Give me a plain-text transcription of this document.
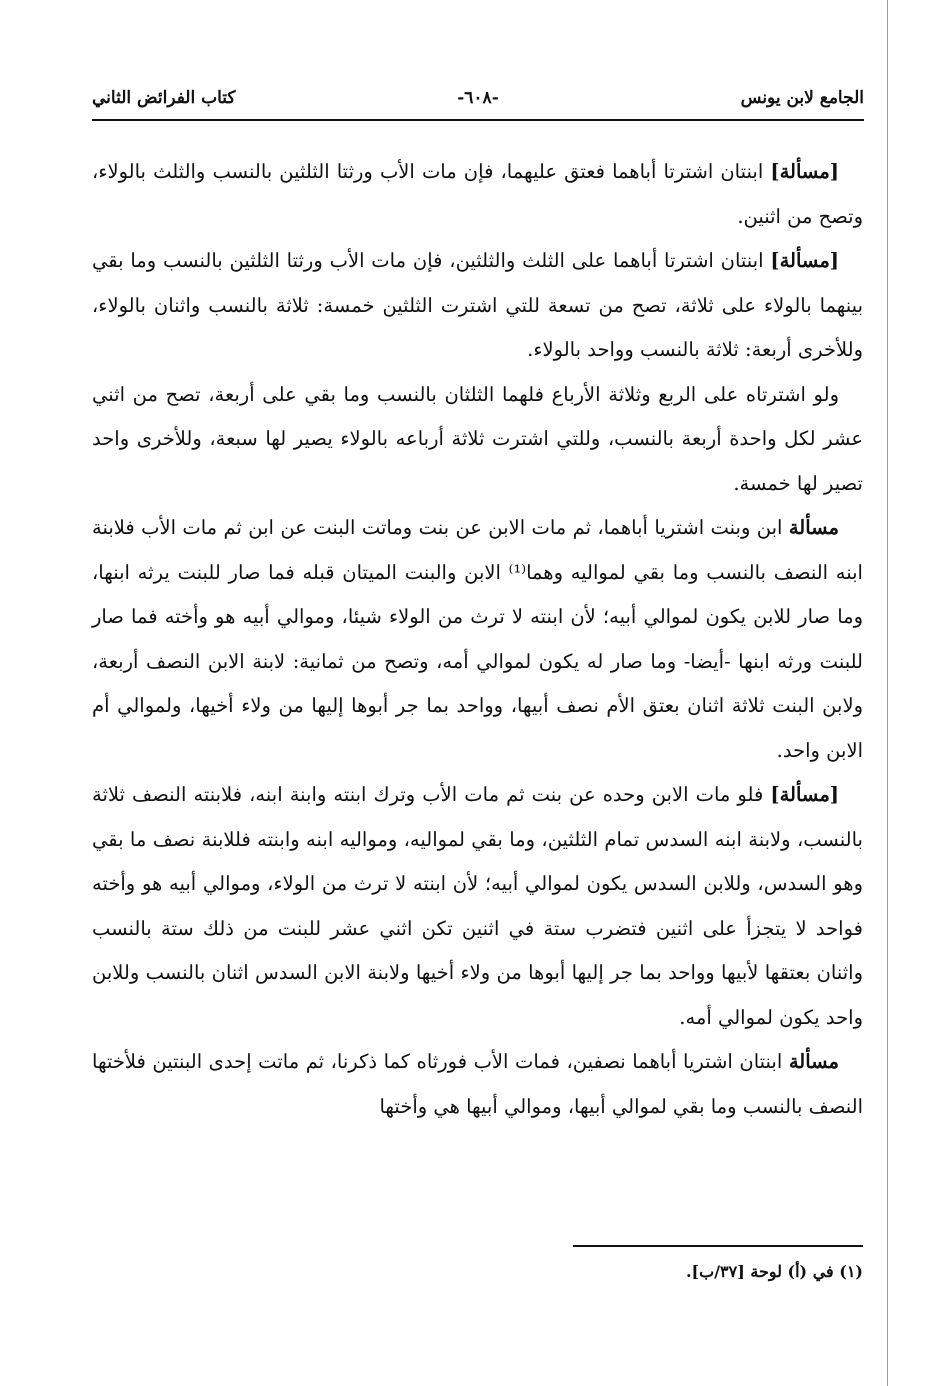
الجامع لابن يونس
-٦٠٨-
كتاب الفرائض الثاني

[مسألة] ابنتان اشترتا أباهما فعتق عليهما، فإن مات الأب ورثتا الثلثين بالنسب والثلث بالولاء، وتصح من اثنين.

[مسألة] ابنتان اشترتا أباهما على الثلث والثلثين، فإن مات الأب ورثتا الثلثين بالنسب وما بقي بينهما بالولاء على ثلاثة، تصح من تسعة للتي اشترت الثلثين خمسة: ثلاثة بالنسب واثنان بالولاء، وللأخرى أربعة: ثلاثة بالنسب وواحد بالولاء.

ولو اشترتاه على الربع وثلاثة الأرباع فلهما الثلثان بالنسب وما بقي على أربعة، تصح من اثني عشر لكل واحدة أربعة بالنسب، وللتي اشترت ثلاثة أرباعه بالولاء يصير لها سبعة، وللأخرى واحد تصير لها خمسة.

مسألة ابن وبنت اشتريا أباهما، ثم مات الابن عن بنت وماتت البنت عن ابن ثم مات الأب فلابنة ابنه النصف بالنسب وما بقي لمواليه وهما⁽¹⁾ الابن والبنت الميتان قبله فما صار للبنت يرثه ابنها، وما صار للابن يكون لموالي أبيه؛ لأن ابنته لا ترث من الولاء شيئا، وموالي أبيه هو وأخته فما صار للبنت ورثه ابنها -أيضا- وما صار له يكون لموالي أمه، وتصح من ثمانية: لابنة الابن النصف أربعة، ولابن البنت ثلاثة اثنان بعتق الأم نصف أبيها، وواحد بما جر أبوها إليها من ولاء أخيها، ولموالي أم الابن واحد.

[مسألة] فلو مات الابن وحده عن بنت ثم مات الأب وترك ابنته وابنة ابنه، فلابنته النصف ثلاثة بالنسب، ولابنة ابنه السدس تمام الثلثين، وما بقي لمواليه، ومواليه ابنه وابنته فللابنة نصف ما بقي وهو السدس، وللابن السدس يكون لموالي أبيه؛ لأن ابنته لا ترث من الولاء، وموالي أبيه هو وأخته فواحد لا يتجزأ على اثنين فتضرب ستة في اثنين تكن اثني عشر للبنت من ذلك ستة بالنسب واثنان بعتقها لأبيها وواحد بما جر إليها أبوها من ولاء أخيها ولابنة الابن السدس اثنان بالنسب وللابن واحد يكون لموالي أمه.

مسألة ابنتان اشتريا أباهما نصفين، فمات الأب فورثاه كما ذكرنا، ثم ماتت إحدى البنتين فلأختها النصف بالنسب وما بقي لموالي أبيها، وموالي أبيها هي وأختها

(١) في (أ) لوحة [٣٧/ب].
